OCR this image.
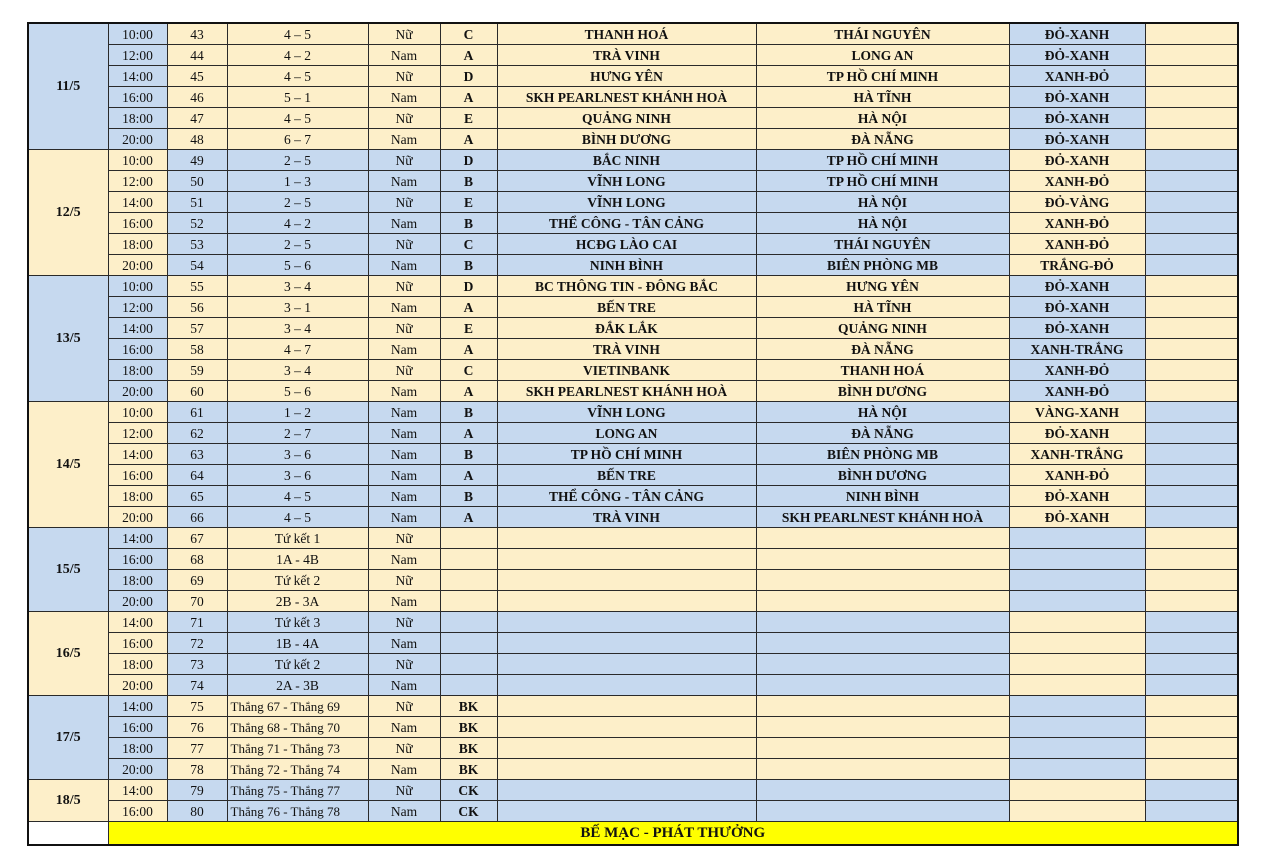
11/5	10:00	43	4 – 5	Nữ	C	THANH HOÁ	THÁI NGUYÊN	ĐỎ-XANH	
	12:00	44	4 – 2	Nam	A	TRÀ VINH	LONG AN	ĐỎ-XANH	
	14:00	45	4 – 5	Nữ	D	HƯNG YÊN	TP HỒ CHÍ MINH	XANH-ĐỎ	
	16:00	46	5 – 1	Nam	A	SKH PEARLNEST KHÁNH HOÀ	HÀ TĨNH	ĐỎ-XANH	
	18:00	47	4 – 5	Nữ	E	QUẢNG NINH	HÀ NỘI	ĐỎ-XANH	
	20:00	48	6 – 7	Nam	A	BÌNH DƯƠNG	ĐÀ NẴNG	ĐỎ-XANH	
12/5	10:00	49	2 – 5	Nữ	D	BẮC NINH	TP HỒ CHÍ MINH	ĐỎ-XANH	
	12:00	50	1 – 3	Nam	B	VĨNH LONG	TP HỒ CHÍ MINH	XANH-ĐỎ	
	14:00	51	2 – 5	Nữ	E	VĨNH LONG	HÀ NỘI	ĐỎ-VÀNG	
	16:00	52	4 – 2	Nam	B	THỂ CÔNG - TÂN CẢNG	HÀ NỘI	XANH-ĐỎ	
	18:00	53	2 – 5	Nữ	C	HCĐG LÀO CAI	THÁI NGUYÊN	XANH-ĐỎ	
	20:00	54	5 – 6	Nam	B	NINH BÌNH	BIÊN PHÒNG MB	TRẮNG-ĐỎ	
13/5	10:00	55	3 – 4	Nữ	D	BC THÔNG TIN - ĐÔNG BẮC	HƯNG YÊN	ĐỎ-XANH	
	12:00	56	3 – 1	Nam	A	BẾN TRE	HÀ TĨNH	ĐỎ-XANH	
	14:00	57	3 – 4	Nữ	E	ĐẮK LẮK	QUẢNG NINH	ĐỎ-XANH	
	16:00	58	4 – 7	Nam	A	TRÀ VINH	ĐÀ NẴNG	XANH-TRẮNG	
	18:00	59	3 – 4	Nữ	C	VIETINBANK	THANH HOÁ	XANH-ĐỎ	
	20:00	60	5 – 6	Nam	A	SKH PEARLNEST KHÁNH HOÀ	BÌNH DƯƠNG	XANH-ĐỎ	
14/5	10:00	61	1 – 2	Nam	B	VĨNH LONG	HÀ NỘI	VÀNG-XANH	
	12:00	62	2 – 7	Nam	A	LONG AN	ĐÀ NẴNG	ĐỎ-XANH	
	14:00	63	3 – 6	Nam	B	TP HỒ CHÍ MINH	BIÊN PHÒNG MB	XANH-TRẮNG	
	16:00	64	3 – 6	Nam	A	BẾN TRE	BÌNH DƯƠNG	XANH-ĐỎ	
	18:00	65	4 – 5	Nam	B	THỂ CÔNG - TÂN CẢNG	NINH BÌNH	ĐỎ-XANH	
	20:00	66	4 – 5	Nam	A	TRÀ VINH	SKH PEARLNEST KHÁNH HOÀ	ĐỎ-XANH	
15/5	14:00	67	Tứ kết 1	Nữ					
	16:00	68	1A - 4B	Nam					
	18:00	69	Tứ kết 2	Nữ					
	20:00	70	2B - 3A	Nam					
16/5	14:00	71	Tứ kết 3	Nữ					
	16:00	72	1B - 4A	Nam					
	18:00	73	Tứ kết 2	Nữ					
	20:00	74	2A - 3B	Nam					
17/5	14:00	75	Thắng 67 - Thắng 69	Nữ	BK				
	16:00	76	Thắng 68 - Thắng 70	Nam	BK				
	18:00	77	Thắng 71 - Thắng 73	Nữ	BK				
	20:00	78	Thắng 72 - Thắng 74	Nam	BK				
18/5	14:00	79	Thắng 75 - Thắng 77	Nữ	CK				
	16:00	80	Thắng 76 - Thắng 78	Nam	CK				
	BẾ MẠC - PHÁT THƯỞNG								
